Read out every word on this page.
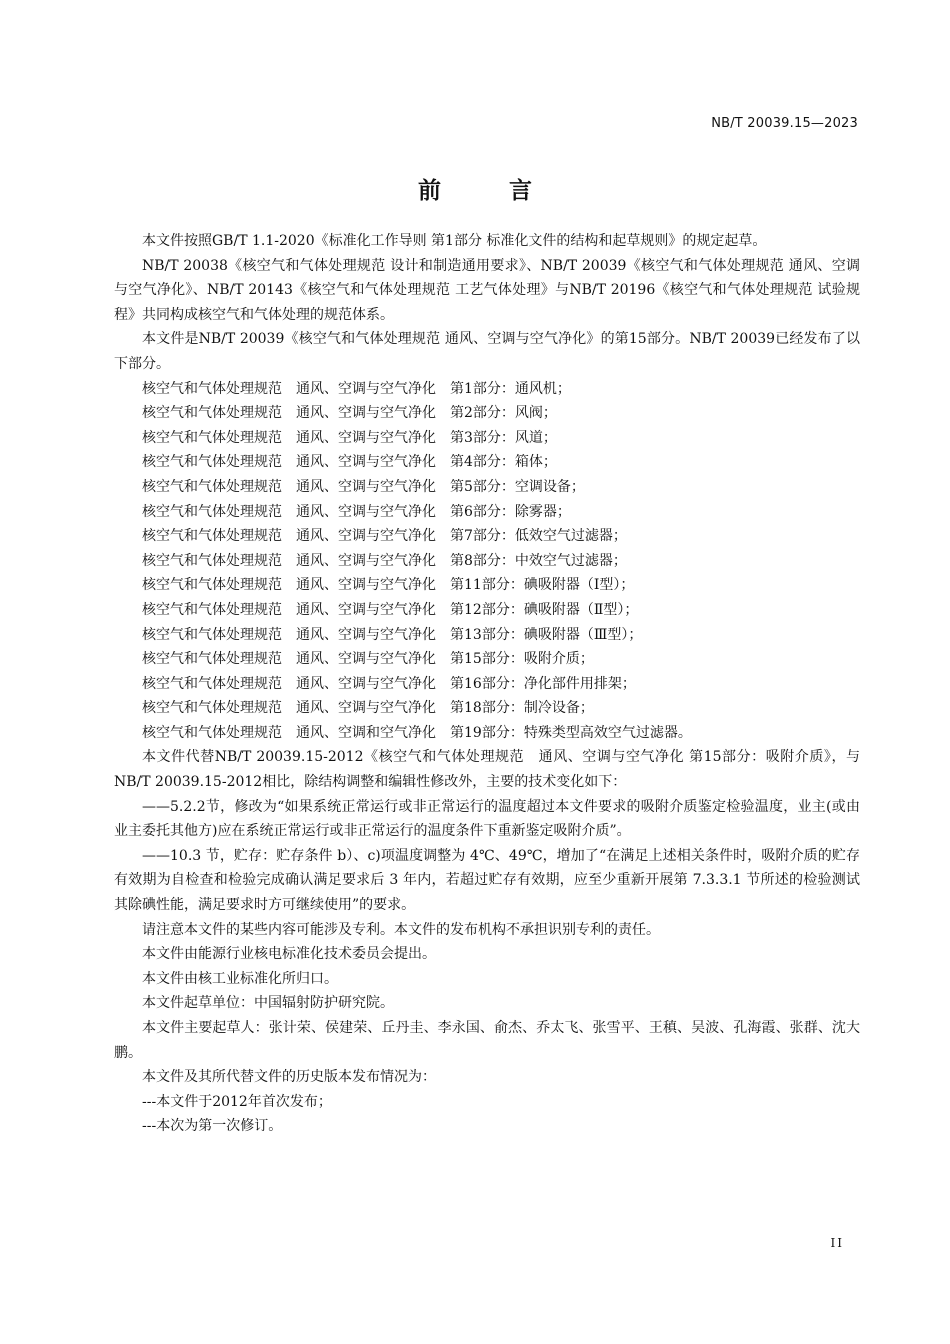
NB/T 20039.15—2023
前 言

本文件按照GB/T 1.1-2020《标准化工作导则 第1部分 标准化文件的结构和起草规则》的规定起草。

NB/T 20038《核空气和气体处理规范 设计和制造通用要求》、NB/T 20039《核空气和气体处理规范 通风、空调与空气净化》、NB/T 20143《核空气和气体处理规范 工艺气体处理》与NB/T 20196《核空气和气体处理规范 试验规程》共同构成核空气和气体处理的规范体系。

本文件是NB/T 20039《核空气和气体处理规范 通风、空调与空气净化》的第15部分。NB/T 20039已经发布了以下部分。

核空气和气体处理规范 通风、空调与空气净化 第1部分：通风机；

核空气和气体处理规范 通风、空调与空气净化 第2部分：风阀；

核空气和气体处理规范 通风、空调与空气净化 第3部分：风道；

核空气和气体处理规范 通风、空调与空气净化 第4部分：箱体；

核空气和气体处理规范 通风、空调与空气净化 第5部分：空调设备；

核空气和气体处理规范 通风、空调与空气净化 第6部分：除雾器；

核空气和气体处理规范 通风、空调与空气净化 第7部分：低效空气过滤器；

核空气和气体处理规范 通风、空调与空气净化 第8部分：中效空气过滤器；

核空气和气体处理规范 通风、空调与空气净化 第11部分：碘吸附器（Ⅰ型）；

核空气和气体处理规范 通风、空调与空气净化 第12部分：碘吸附器（Ⅱ型）；

核空气和气体处理规范 通风、空调与空气净化 第13部分：碘吸附器（Ⅲ型）；

核空气和气体处理规范 通风、空调与空气净化 第15部分：吸附介质；

核空气和气体处理规范 通风、空调与空气净化 第16部分：净化部件用排架；

核空气和气体处理规范 通风、空调与空气净化 第18部分：制冷设备；

核空气和气体处理规范 通风、空调和空气净化 第19部分：特殊类型高效空气过滤器。

本文件代替NB/T 20039.15-2012《核空气和气体处理规范　通风、空调与空气净化 第15部分：吸附介质》，与NB/T 20039.15-2012相比，除结构调整和编辑性修改外，主要的技术变化如下：

——5.2.2节，修改为“如果系统正常运行或非正常运行的温度超过本文件要求的吸附介质鉴定检验温度，业主(或由业主委托其他方)应在系统正常运行或非正常运行的温度条件下重新鉴定吸附介质”。

——10.3 节，贮存：贮存条件 b）、c)项温度调整为 4℃、49℃，增加了“在满足上述相关条件时，吸附介质的贮存有效期为自检查和检验完成确认满足要求后 3 年内，若超过贮存有效期，应至少重新开展第 7.3.3.1 节所述的检验测试其除碘性能，满足要求时方可继续使用”的要求。

请注意本文件的某些内容可能涉及专利。本文件的发布机构不承担识别专利的责任。

本文件由能源行业核电标准化技术委员会提出。

本文件由核工业标准化所归口。

本文件起草单位：中国辐射防护研究院。

本文件主要起草人：张计荣、侯建荣、丘丹圭、李永国、俞杰、乔太飞、张雪平、王稹、吴波、孔海霞、张群、沈大鹏。

本文件及其所代替文件的历史版本发布情况为：

---本文件于2012年首次发布；

---本次为第一次修订。

II
